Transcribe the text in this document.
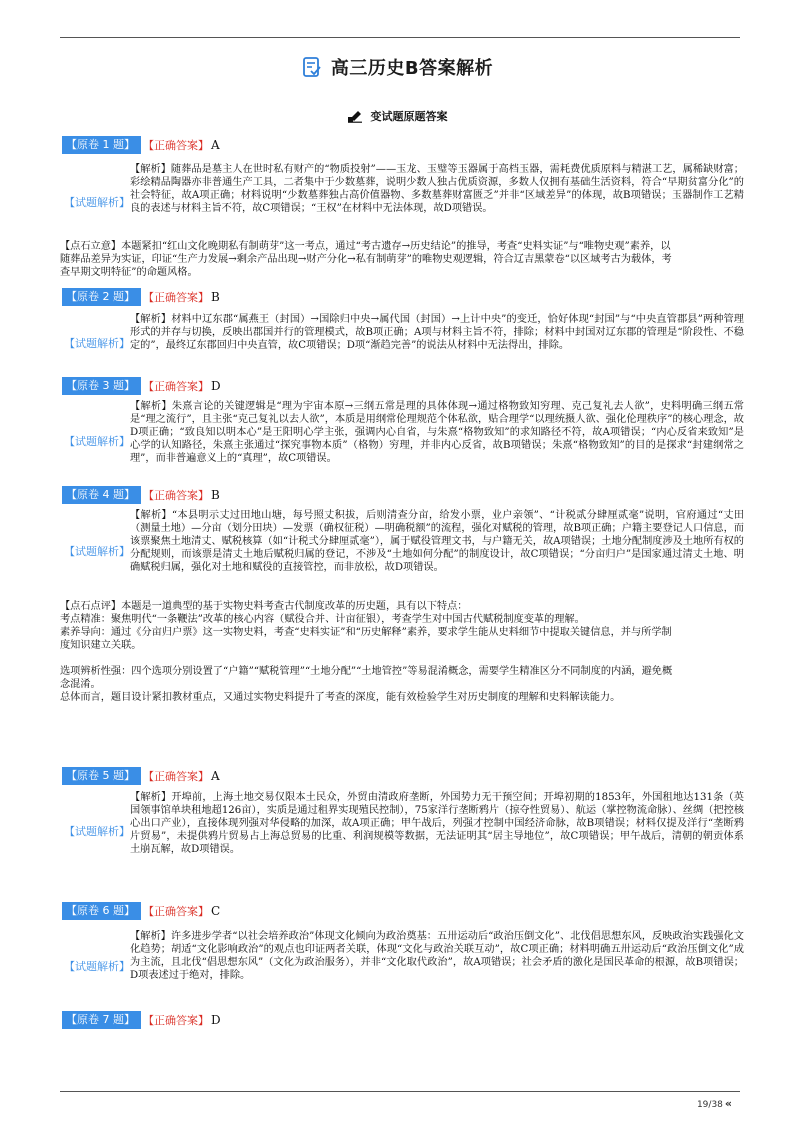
高三历史B答案解析
变试题原题答案
【原卷 1 题】 【正确答案】 A
【试题解析】
【解析】随葬品是墓主人在世时私有财产的“物质投射”——玉龙、玉璧等玉器属于高档玉器，需耗费优质原料与精湛工艺，属稀缺财富；彩绘精品陶器亦非普通生产工具，二者集中于少数墓葬，说明少数人独占优质资源，多数人仅拥有基础生活资料，符合“早期贫富分化”的社会特征，故A项正确；材料说明“少数墓葬独占高价值器物、多数墓葬财富匮乏”并非“区域差异”的体现，故B项错误；玉器制作工艺精良的表述与材料主旨不符，故C项错误；“王权”在材料中无法体现，故D项错误。
【点石立意】本题紧扣“红山文化晚期私有制萌芽”这一考点，通过“考古遗存→历史结论”的推导，考查“史料实证”与“唯物史观”素养，以随葬品差异为实证，印证“生产力发展→剩余产品出现→财产分化→私有制萌芽”的唯物史观逻辑，符合辽吉黑蒙卷“以区域考古为载体，考查早期文明特征”的命题风格。
【原卷 2 题】 【正确答案】 B
【试题解析】
【解析】材料中辽东郡“属燕王（封国）→国除归中央→属代国（封国）→上计中央”的变迁，恰好体现“封国”与“中央直管郡县”两种管理形式的并存与切换，反映出郡国并行的管理模式，故B项正确；A项与材料主旨不符，排除；材料中封国对辽东郡的管理是“阶段性、不稳定的”，最终辽东郡回归中央直管，故C项错误；D项“渐趋完善”的说法从材料中无法得出，排除。
【原卷 3 题】 【正确答案】 D
【试题解析】
【解析】朱熹言论的关键逻辑是“理为宇宙本原→三纲五常是理的具体体现→通过格物致知穷理、克己复礼去人欲”，史料明确三纲五常是“理之流行”，且主张“克己复礼以去人欲”，本质是用纲常伦理规范个体私欲，贴合理学“以理统摄人欲、强化伦理秩序”的核心理念，故D项正确；“致良知以明本心”是王阳明心学主张，强调内心自省，与朱熹“格物致知”的求知路径不符，故A项错误；“内心反省来致知”是心学的认知路径，朱熹主张通过“探究事物本质”（格物）穷理，并非内心反省，故B项错误；朱熹“格物致知”的目的是探求“封建纲常之理”，而非普遍意义上的“真理”，故C项错误。
【原卷 4 题】 【正确答案】 B
【试题解析】
【解析】“本县明示丈过田地山塘，每号照丈积拔，后则清查分亩，给发小票，业户亲领”、“计税贰分肆厘贰毫”说明，官府通过“丈田（测量土地）—分亩（划分田块）—发票（确权征税）—明确税额”的流程，强化对赋税的管理，故B项正确；户籍主要登记人口信息，而该票聚焦土地清丈、赋税核算（如“计税弍分肆厘贰毫”），属于赋役管理文书，与户籍无关，故A项错误；土地分配制度涉及土地所有权的分配规则，而该票是清丈土地后赋税归属的登记，不涉及“土地如何分配”的制度设计，故C项错误；“分亩归户”是国家通过清丈土地、明确赋税归属，强化对土地和赋役的直接管控，而非放松，故D项错误。
【点石点评】本题是一道典型的基于实物史料考查古代制度改革的历史题，具有以下特点：
考点精准：聚焦明代“一条鞭法”改革的核心内容（赋役合并、计亩征银），考查学生对中国古代赋税制度变革的理解。
素养导向：通过《分亩归户票》这一实物史料，考查“史料实证”和“历史解释”素养，要求学生能从史料细节中提取关键信息，并与所学制度知识建立关联。
选项辨析性强：四个选项分别设置了“户籍”“赋税管理”“土地分配”“土地管控”等易混淆概念，需要学生精准区分不同制度的内涵，避免概念混淆。
总体而言，题目设计紧扣教材重点，又通过实物史料提升了考查的深度，能有效检验学生对历史制度的理解和史料解读能力。
【原卷 5 题】 【正确答案】 A
【试题解析】
【解析】开埠前，上海土地交易仅限本土民众，外贸由清政府垄断，外国势力无干预空间；开埠初期的1853年，外国租地达131条（英国领事馆单块租地超126亩），实质是通过租界实现殖民控制），75家洋行垄断鸦片（掠夺性贸易）、航运（掌控物流命脉）、丝绸（把控核心出口产业），直接体现列强对华侵略的加深，故A项正确；甲午战后，列强才控制中国经济命脉，故B项错误；材料仅提及洋行“垄断鸦片贸易”，未提供鸦片贸易占上海总贸易的比重、利润规模等数据，无法证明其“居主导地位”，故C项错误；甲午战后，清朝的朝贡体系土崩瓦解，故D项错误。
【原卷 6 题】 【正确答案】 C
【试题解析】
【解析】许多进步学者“以社会培养政治”体现文化倾向为政治奠基：五卅运动后“政治压倒文化”、北伐倡思想东风，反映政治实践强化文化趋势；胡适“文化影响政治”的观点也印证两者关联，体现“文化与政治关联互动”，故C项正确；材料明确五卅运动后“政治压倒文化”成为主流，且北伐“倡思想东风”（文化为政治服务），并非“文化取代政治”，故A项错误；社会矛盾的激化是国民革命的根源，故B项错误；D项表述过于绝对，排除。
【原卷 7 题】 【正确答案】 D
19/38 «
